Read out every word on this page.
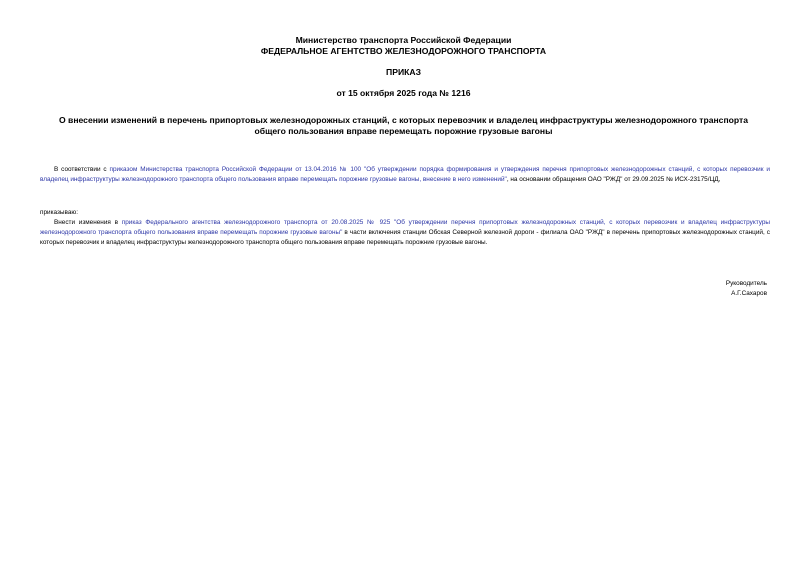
Министерство транспорта Российской Федерации
ФЕДЕРАЛЬНОЕ АГЕНТСТВО ЖЕЛЕЗНОДОРОЖНОГО ТРАНСПОРТА
ПРИКАЗ
от 15 октября 2025 года № 1216
О внесении изменений в перечень припортовых железнодорожных станций, с которых перевозчик и владелец инфраструктуры железнодорожного транспорта общего пользования вправе перемещать порожние грузовые вагоны
В соответствии с приказом Министерства транспорта Российской Федерации от 13.04.2016 № 100 "Об утверждении порядка формирования и утверждения перечня припортовых железнодорожных станций, с которых перевозчик и владелец инфраструктуры железнодорожного транспорта общего пользования вправе перемещать порожние грузовые вагоны, внесение в него изменений", на основании обращения ОАО "РЖД" от 29.09.2025 № ИСХ-23175/ЦД,
приказываю:
Внести изменения в приказ Федерального агентства железнодорожного транспорта от 20.08.2025 № 925 "Об утверждении перечня припортовых железнодорожных станций, с которых перевозчик и владелец инфраструктуры железнодорожного транспорта общего пользования вправе перемещать порожние грузовые вагоны" в части включения станции Обская Северной железной дороги - филиала ОАО "РЖД" в перечень припортовых железнодорожных станций, с которых перевозчик и владелец инфраструктуры железнодорожного транспорта общего пользования вправе перемещать порожние грузовые вагоны.
Руководитель
А.Г.Сахаров
